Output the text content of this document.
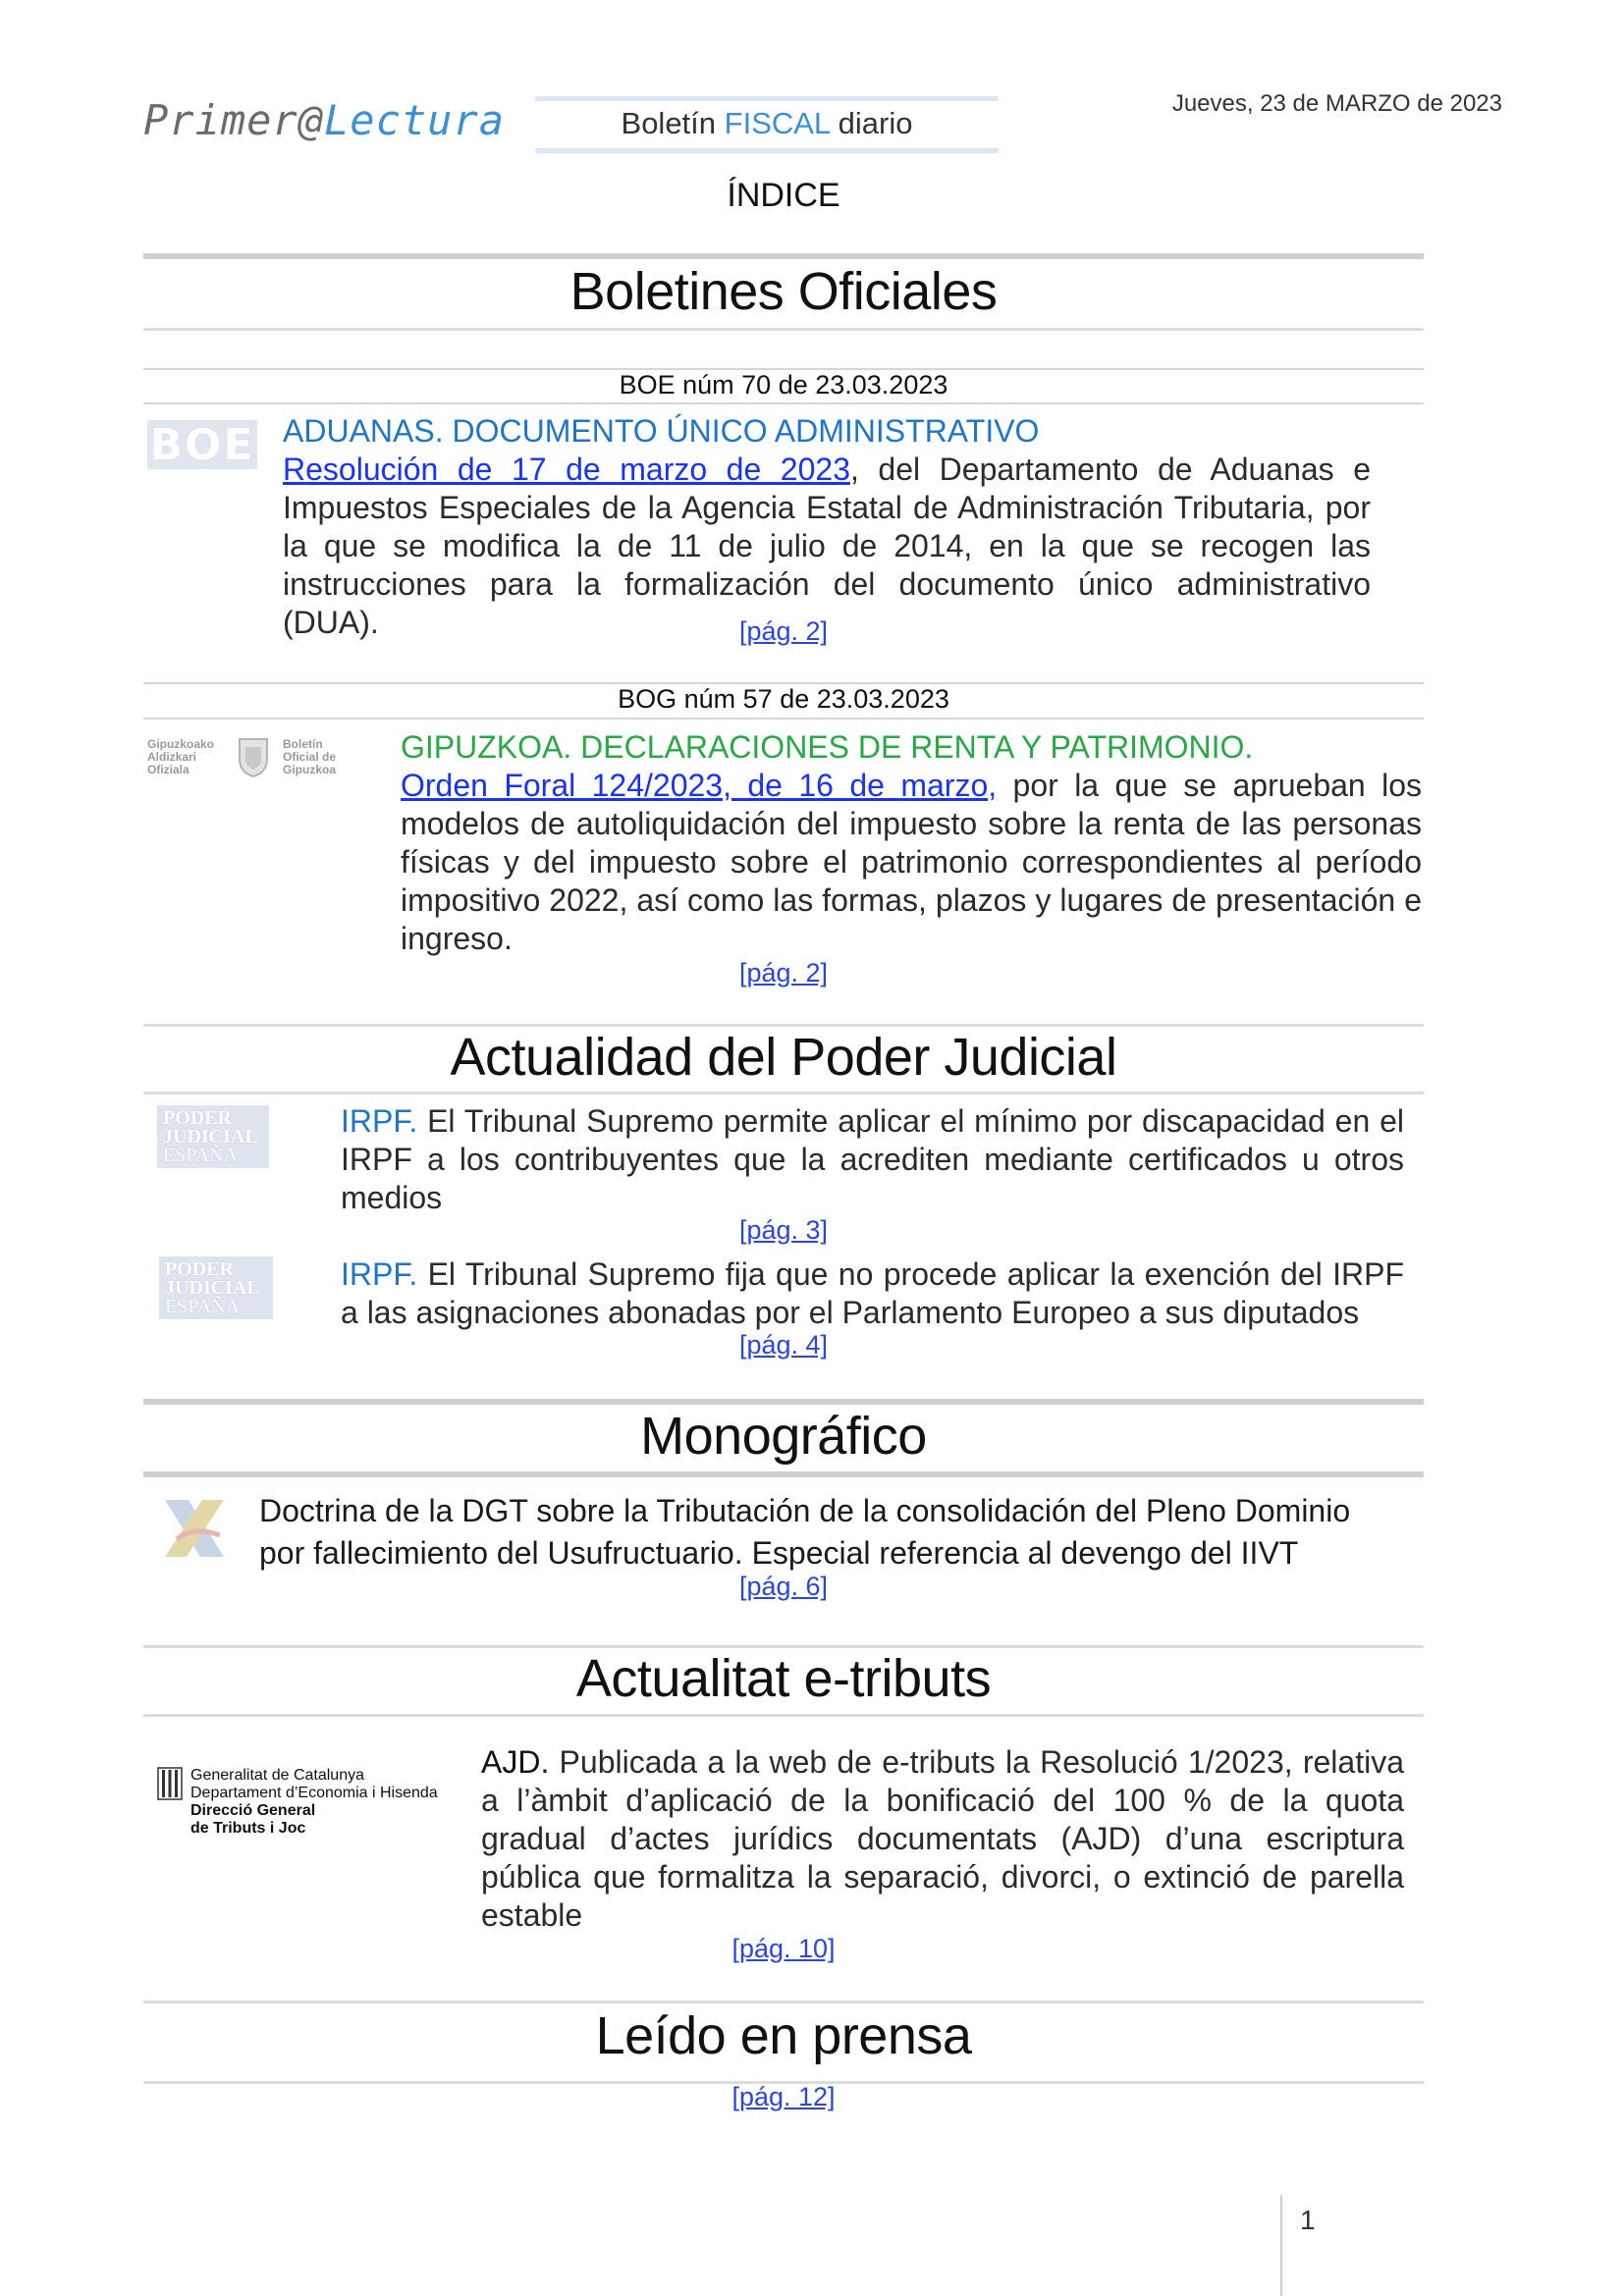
Primer@Lectura	Boletín FISCAL diario
Jueves, 23 de MARZO de 2023
ÍNDICE
Boletines Oficiales
BOE núm 70 de 23.03.2023
BOE ADUANAS. DOCUMENTO ÚNICO ADMINISTRATIVO
Resolución de 17 de marzo de 2023, del Departamento de Aduanas e Impuestos Especiales de la Agencia Estatal de Administración Tributaria, por la que se modifica la de 11 de julio de 2014, en la que se recogen las instrucciones para la formalización del documento único administrativo (DUA).	[pág. 2]
BOG núm 57 de 23.03.2023
Gipuzkoako
Aldizkari
Ofiziala
Boletín
Oficial de
Gipuzkoa
GIPUZKOA. DECLARACIONES DE RENTA Y PATRIMONIO.
Orden Foral 124/2023, de 16 de marzo, por la que se aprueban los modelos de autoliquidación del impuesto sobre la renta de las personas físicas y del impuesto sobre el patrimonio correspondientes al período impositivo 2022, así como las formas, plazos y lugares de presentación e ingreso.
[pág. 2]
Actualidad del Poder Judicial
PODER
JUDICIAL
ESPAÑA
IRPF. El Tribunal Supremo permite aplicar el mínimo por discapacidad en el IRPF a los contribuyentes que la acrediten mediante certificados u otros medios
[pág. 3]
PODER
JUDICIAL
ESPAÑA
IRPF. El Tribunal Supremo fija que no procede aplicar la exención del IRPF a las asignaciones abonadas por el Parlamento Europeo a sus diputados
[pág. 4]
Monográfico
Doctrina de la DGT sobre la Tributación de la consolidación del Pleno Dominio por fallecimiento del Usufructuario. Especial referencia al devengo del IIVT
[pág. 6]
Actualitat e-tributs
Generalitat de Catalunya
Departament d’Economia i Hisenda
Direcció General
de Tributs i Joc
AJD. Publicada a la web de e-tributs la Resolució 1/2023, relativa a l’àmbit d’aplicació de la bonificació del 100 % de la quota gradual d’actes jurídics documentats (AJD) d’una escriptura pública que formalitza la separació, divorci, o extinció de parella estable
[pág. 10]
Leído en prensa
[pág. 12]
1
